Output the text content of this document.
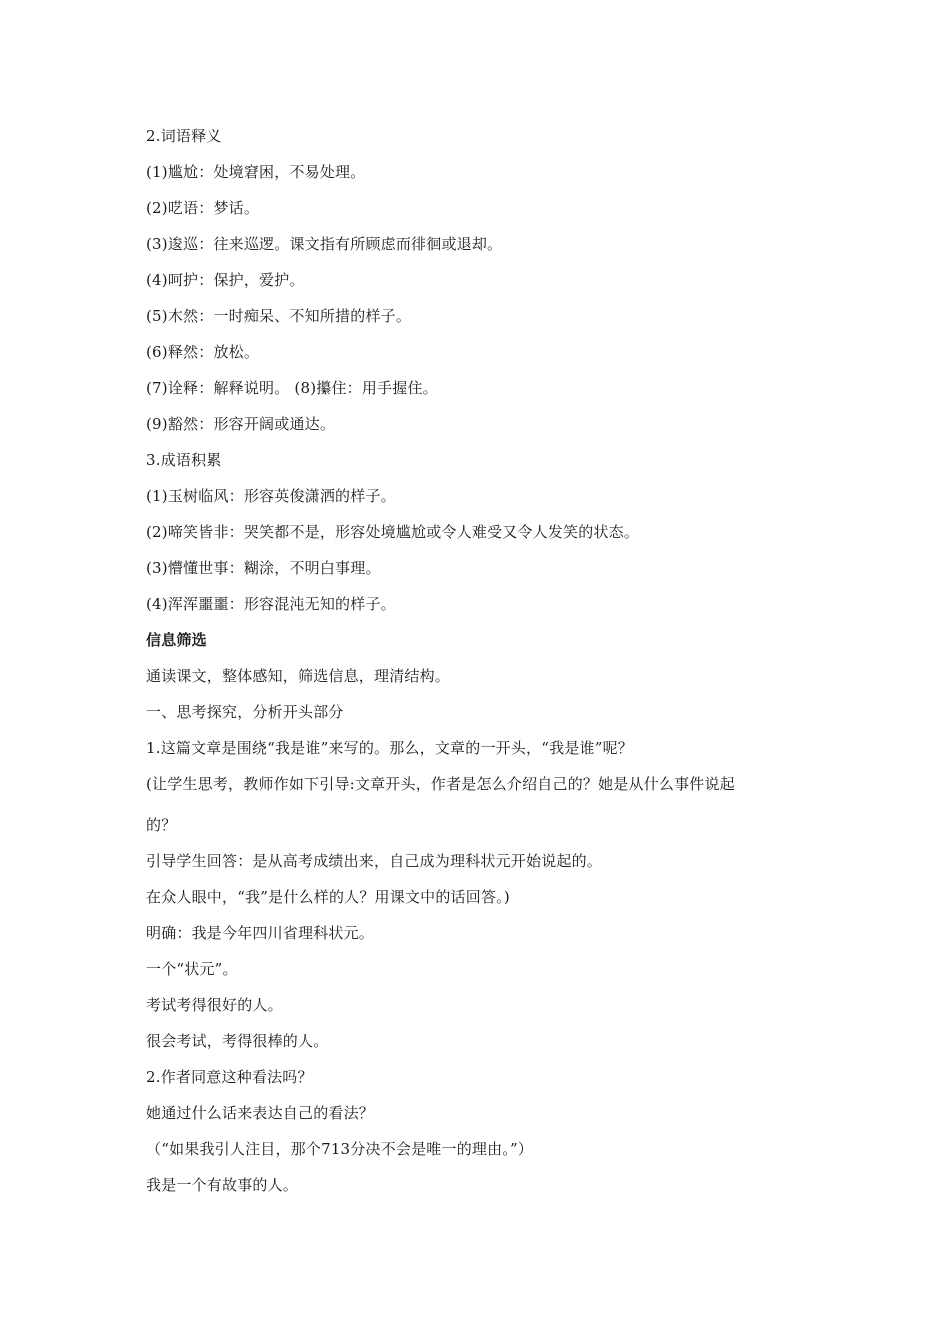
2.词语释义
(1)尴尬：处境窘困，不易处理。
(2)呓语：梦话。
(3)逡巡：往来巡逻。课文指有所顾虑而徘徊或退却。
(4)呵护：保护，爱护。
(5)木然：一时痴呆、不知所措的样子。
(6)释然：放松。
(7)诠释：解释说明。 (8)攥住：用手握住。
(9)豁然：形容开阔或通达。
3.成语积累
(1)玉树临风：形容英俊潇洒的样子。
(2)啼笑皆非：哭笑都不是，形容处境尴尬或令人难受又令人发笑的状态。
(3)懵懂世事：糊涂，不明白事理。
(4)浑浑噩噩：形容混沌无知的样子。
信息筛选
通读课文，整体感知，筛选信息，理清结构。
一、思考探究，分析开头部分
1.这篇文章是围绕“我是谁”来写的。那么，文章的一开头，“我是谁”呢？
(让学生思考，教师作如下引导:文章开头，作者是怎么介绍自己的？她是从什么事件说起
的？
引导学生回答：是从高考成绩出来，自己成为理科状元开始说起的。
在众人眼中，“我”是什么样的人？用课文中的话回答。)
明确：我是今年四川省理科状元。
一个“状元”。
考试考得很好的人。
很会考试，考得很棒的人。
2.作者同意这种看法吗？
她通过什么话来表达自己的看法？
（“如果我引人注目，那个713分决不会是唯一的理由。”）
我是一个有故事的人。
